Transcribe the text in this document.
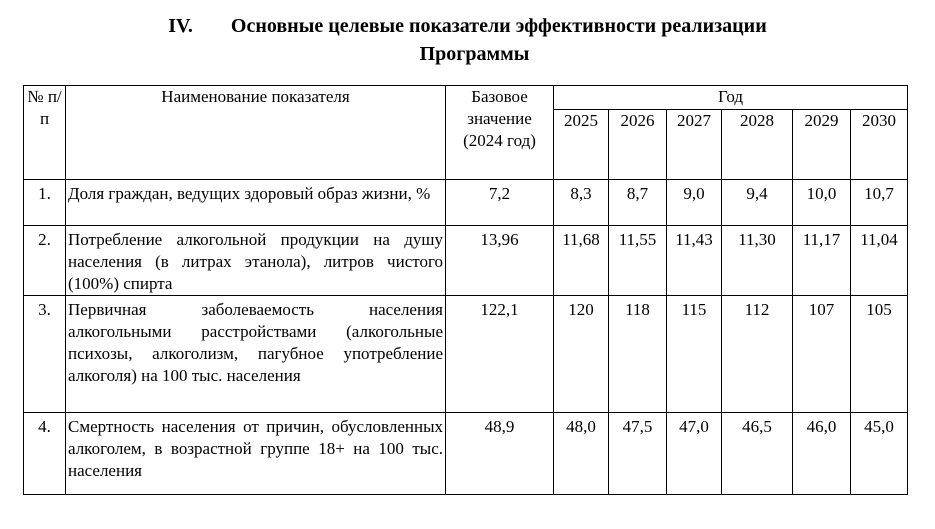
IV. Основные целевые показатели эффективности реализации
Программы
№ п/п	Наименование показателя	Базовое значение (2024 год)	Год					
			2025	2026	2027	2028	2029	2030
1.	Доля граждан, ведущих здоровый образ жизни, %	7,2	8,3	8,7	9,0	9,4	10,0	10,7
2.	Потребление алкогольной продукции на душу населения (в литрах этанола), литров чистого (100%) спирта	13,96	11,68	11,55	11,43	11,30	11,17	11,04
3.	Первичная заболеваемость населения алкогольными расстройствами (алкогольные психозы, алкоголизм, пагубное употребление алкоголя) на 100 тыс. населения	122,1	120	118	115	112	107	105
4.	Смертность населения от причин, обусловленных алкоголем, в возрастной группе 18+ на 100 тыс. населения	48,9	48,0	47,5	47,0	46,5	46,0	45,0
